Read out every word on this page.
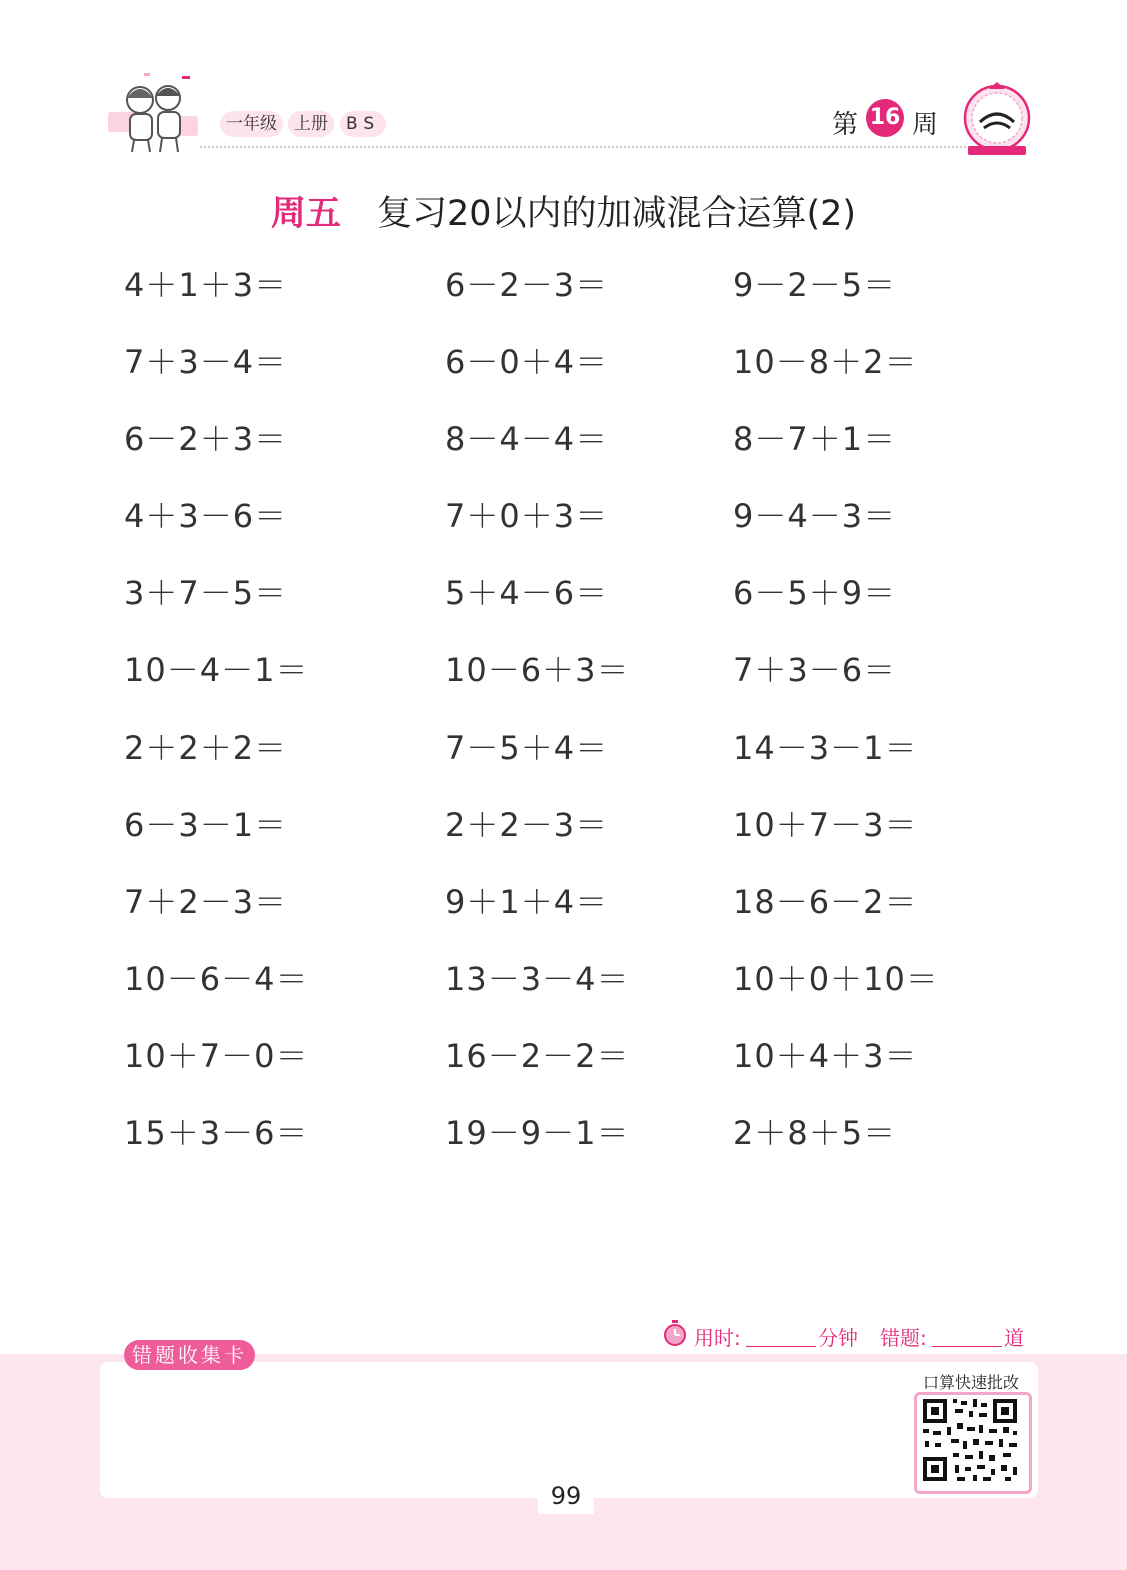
一年级	上册	BS	第 16 周
周五 复习20以内的加减混合运算(2)
4＋1＋3＝	6－2－3＝	9－2－5＝
7＋3－4＝	6－0＋4＝	10－8＋2＝
6－2＋3＝	8－4－4＝	8－7＋1＝
4＋3－6＝	7＋0＋3＝	9－4－3＝
3＋7－5＝	5＋4－6＝	6－5＋9＝
10－4－1＝	10－6＋3＝	7＋3－6＝
2＋2＋2＝	7－5＋4＝	14－3－1＝
6－3－1＝	2＋2－3＝	10＋7－3＝
7＋2－3＝	9＋1＋4＝	18－6－2＝
10－6－4＝	13－3－4＝	10＋0＋10＝
10＋7－0＝	16－2－2＝	10＋4＋3＝
15＋3－6＝	19－9－1＝	2＋8＋5＝
用时:	分钟 错题:	道
错题收集卡
口算快速批改
99
